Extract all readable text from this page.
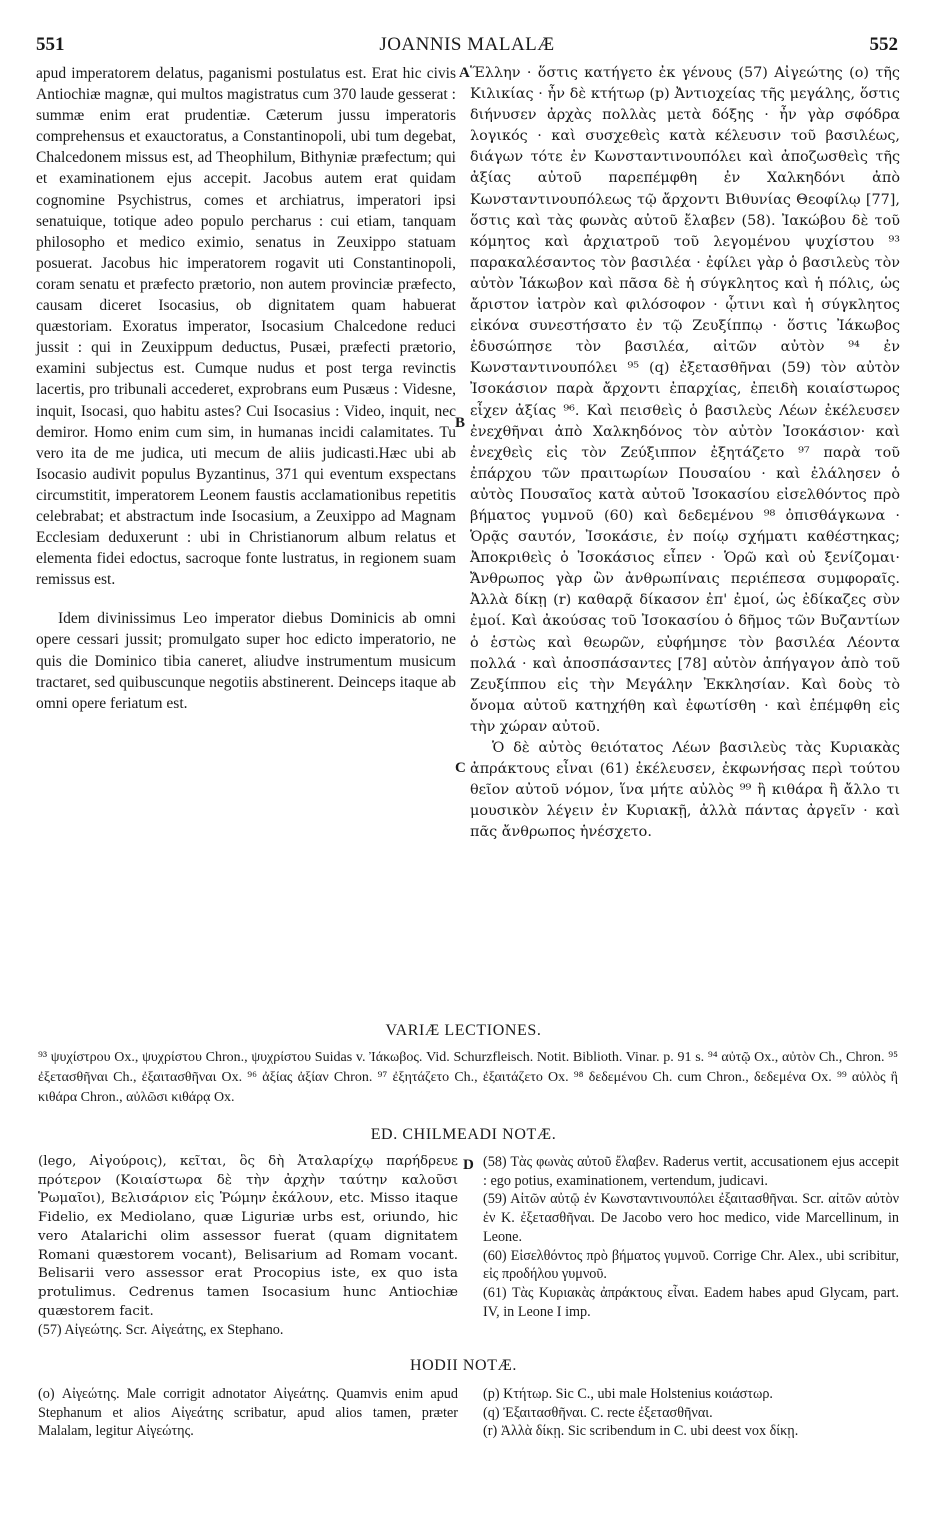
551	JOANNIS MALALÆ	552

apud imperatorem delatus, paganismi postulatus est. Erat hic civis Antiochiæ magnæ, qui multos magistratus cum 370 laude gesserat : summæ enim erat prudentiæ. Cæterum jussu imperatoris comprehensus et exauctoratus, a Constantinopoli, ubi tum degebat, Chalcedonem missus est, ad Theophilum, Bithyniæ præfectum; qui et examinationem ejus accepit. Jacobus autem erat quidam cognomine Psychistrus, comes et archiatrus, imperatori ipsi senatuique, totique adeo populo percharus : cui etiam, tanquam philosopho et medico eximio, senatus in Zeuxippo statuam posuerat. Jacobus hic imperatorem rogavit uti Constantinopoli, coram senatu et præfecto prætorio, non autem provinciæ præfecto, causam diceret Isocasius, ob dignitatem quam habuerat quæstoriam. Exoratus imperator, Isocasium Chalcedone reduci jussit : qui in Zeuxippum deductus, Pusæi, præfecti prætorio, examini subjectus est. Cumque nudus et post terga revinctis lacertis, pro tribunali accederet, exprobrans eum Pusæus : Videsne, inquit, Isocasi, quo habitu astes? Cui Isocasius : Video, inquit, nec demiror. Homo enim cum sim, in humanas incidi calamitates. Tu vero ita de me judica, uti mecum de aliis judicasti.Hæc ubi ab Isocasio audivit populus Byzantinus, 371 qui eventum exspectans circumstitit, imperatorem Leonem faustis acclamationibus repetitis celebrabat; et abstractum inde Isocasium, a Zeuxippo ad Magnam Ecclesiam deduxerunt : ubi in Christianorum album relatus et elementa fidei edoctus, sacroque fonte lustratus, in regionem suam remissus est.

Idem divinissimus Leo imperator diebus Dominicis ab omni opere cessari jussit; promulgato super hoc edicto imperatorio, ne quis die Dominico tibia caneret, aliudve instrumentum musicum tractaret, sed quibuscunque negotiis abstinerent. Deinceps itaque ab omni opere feriatum est.

A
B
C
D

Ἕλλην · ὅστις κατήγετο ἐκ γένους (57) Αἰγεώτης (o) τῆς Κιλικίας · ἦν δὲ κτήτωρ (p) Ἀντιοχείας τῆς μεγάλης, ὅστις διήνυσεν ἀρχὰς πολλὰς μετὰ δόξης · ἦν γὰρ σφόδρα λογικός · καὶ συσχεθεὶς κατὰ κέλευσιν τοῦ βασιλέως, διάγων τότε ἐν Κωνσταντινουπόλει καὶ ἀποζωσθεὶς τῆς ἀξίας αὐτοῦ παρεπέμφθη ἐν Χαλκηδόνι ἀπὸ Κωνσταντινουπόλεως τῷ ἄρχοντι Βιθυνίας Θεοφίλῳ [77], ὅστις καὶ τὰς φωνὰς αὐτοῦ ἔλαβεν (58). Ἰακώβου δὲ τοῦ κόμητος καὶ ἀρχιατροῦ τοῦ λεγομένου ψυχίστου ⁹³ παρακαλέσαντος τὸν βασιλέα · ἐφίλει γὰρ ὁ βασιλεὺς τὸν αὐτὸν Ἰάκωβον καὶ πᾶσα δὲ ἡ σύγκλητος καὶ ἡ πόλις, ὡς ἄριστον ἰατρὸν καὶ φιλόσοφον · ᾧτινι καὶ ἡ σύγκλητος εἰκόνα συνεστήσατο ἐν τῷ Ζευξίππῳ · ὅστις Ἰάκωβος ἐδυσώπησε τὸν βασιλέα, αἰτῶν αὐτὸν ⁹⁴ ἐν Κωνσταντινουπόλει ⁹⁵ (q) ἐξετασθῆναι (59) τὸν αὐτὸν Ἰσοκάσιον παρὰ ἄρχοντι ἐπαρχίας, ἐπειδὴ κοιαίστωρος εἶχεν ἀξίας ⁹⁶. Καὶ πεισθεὶς ὁ βασιλεὺς Λέων ἐκέλευσεν ἐνεχθῆναι ἀπὸ Χαλκηδόνος τὸν αὐτὸν Ἰσοκάσιον· καὶ ἐνεχθεὶς εἰς τὸν Ζεύξιππον ἐξητάζετο ⁹⁷ παρὰ τοῦ ἐπάρχου τῶν πραιτωρίων Πουσαίου · καὶ ἐλάλησεν ὁ αὐτὸς Πουσαῖος κατὰ αὐτοῦ Ἰσοκασίου εἰσελθόντος πρὸ βήματος γυμνοῦ (60) καὶ δεδεμένου ⁹⁸ ὀπισθάγκωνα · Ὁρᾷς σαυτόν, Ἰσοκάσιε, ἐν ποίῳ σχήματι καθέστηκας; Ἀποκριθεὶς ὁ Ἰσοκάσιος εἶπεν · Ὁρῶ καὶ οὐ ξενίζομαι· Ἄνθρωπος γὰρ ὢν ἀνθρωπίναις περιέπεσα συμφοραῖς. Ἀλλὰ δίκῃ (r) καθαρᾷ δίκασον ἐπ' ἐμοί, ὡς ἐδίκαζες σὺν ἐμοί. Καὶ ἀκούσας τοῦ Ἰσοκασίου ὁ δῆμος τῶν Βυζαντίων ὁ ἑστὼς καὶ θεωρῶν, εὐφήμησε τὸν βασιλέα Λέοντα πολλά · καὶ ἀποσπάσαντες [78] αὐτὸν ἀπήγαγον ἀπὸ τοῦ Ζευξίππου εἰς τὴν Μεγάλην Ἐκκλησίαν. Καὶ δοὺς τὸ ὄνομα αὐτοῦ κατηχήθη καὶ ἐφωτίσθη · καὶ ἐπέμφθη εἰς τὴν χώραν αὐτοῦ.

Ὁ δὲ αὐτὸς θειότατος Λέων βασιλεὺς τὰς Κυριακὰς ἀπράκτους εἶναι (61) ἐκέλευσεν, ἐκφωνήσας περὶ τούτου θεῖον αὐτοῦ νόμον, ἵνα μήτε αὐλὸς ⁹⁹ ἢ κιθάρα ἢ ἄλλο τι μουσικὸν λέγειν ἐν Κυριακῇ, ἀλλὰ πάντας ἀργεῖν · καὶ πᾶς ἄνθρωπος ἡνέσχετο.

VARIÆ LECTIONES.
⁹³ ψυχίστρου Ox., ψυχρίστου Chron., ψυχρίστου Suidas v. Ἰάκωβος. Vid. Schurzfleisch. Notit. Biblioth. Vinar. p. 91 s. ⁹⁴ αὐτῷ Ox., αὐτὸν Ch., Chron. ⁹⁵ ἐξετασθῆναι Ch., ἐξαιτασθῆναι Ox. ⁹⁶ ἀξίας ἀξίαν Chron. ⁹⁷ ἐξητάζετο Ch., ἐξαιτάζετο Ox. ⁹⁸ δεδεμένου Ch. cum Chron., δεδεμένα Ox. ⁹⁹ αὐλὸς ἢ κιθάρα Chron., αὐλῶσι κιθάρᾳ Ox.
ED. CHILMEADI NOTÆ.

(lego, Αἰγούροις), κεῖται, ὃς δὴ Ἀταλαρίχῳ παρήδρευε πρότερον (Κοιαίστωρα δὲ τὴν ἀρχὴν ταύτην καλοῦσι Ῥωμαῖοι), Βελισάριον εἰς Ῥώμην ἐκάλουν, etc. Misso itaque Fidelio, ex Mediolano, quæ Liguriæ urbs est, oriundo, hic vero Atalarichi olim assessor fuerat (quam dignitatem Romani quæstorem vocant), Belisarium ad Romam vocant. Belisarii vero assessor erat Procopius iste, ex quo ista protulimus. Cedrenus tamen Isocasium hunc Antiochiæ quæstorem facit.

(57) Αἰγεώτης. Scr. Αἰγεάτης, ex Stephano.

(58) Τὰς φωνὰς αὐτοῦ ἔλαβεν. Raderus vertit, accusationem ejus accepit : ego potius, examinationem, vertendum, judicavi.

(59) Αἰτῶν αὐτῷ ἐν Κωνσταντινουπόλει ἐξαιτασθῆναι. Scr. αἰτῶν αὐτὸν ἐν Κ. ἐξετασθῆναι. De Jacobo vero hoc medico, vide Marcellinum, in Leone.

(60) Εἰσελθόντος πρὸ βήματος γυμνοῦ. Corrige Chr. Alex., ubi scribitur, εἰς προδήλου γυμνοῦ.

(61) Τὰς Κυριακὰς ἀπράκτους εἶναι. Eadem habes apud Glycam, part. IV, in Leone I imp.

HODII NOTÆ.

(o) Αἰγεώτης. Male corrigit adnotator Αἰγεάτης. Quamvis enim apud Stephanum et alios Αἰγεάτης scribatur, apud alios tamen, præter Malalam, legitur Αἰγεώτης.

(p) Κτήτωρ. Sic C., ubi male Holstenius κοιάστωρ.

(q) Ἐξαιτασθῆναι. C. recte ἐξετασθῆναι.

(r) Ἀλλὰ δίκῃ. Sic scribendum in C. ubi deest vox δίκῃ.
